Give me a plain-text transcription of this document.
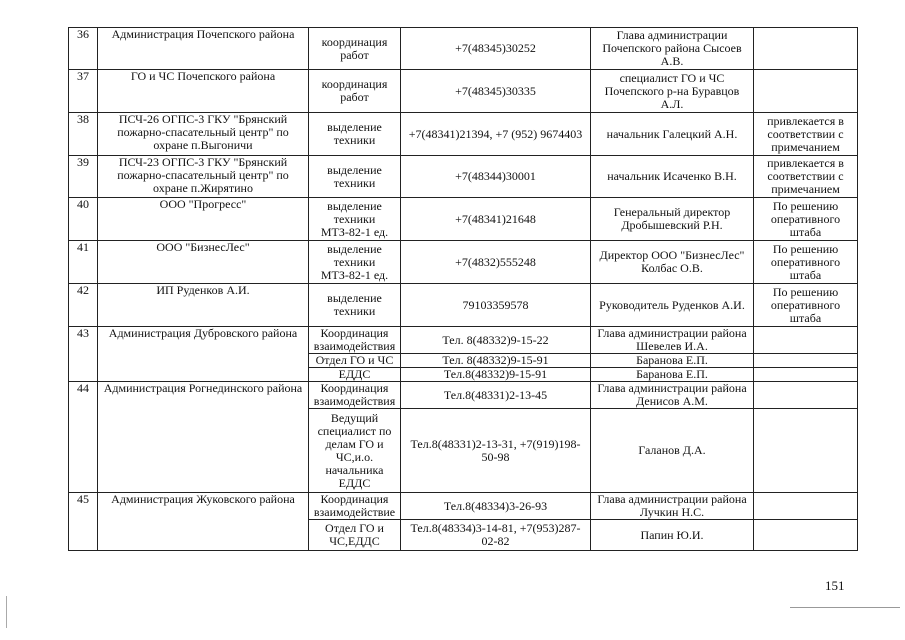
36	Администрация Почепского района	координация работ	+7(48345)30252	Глава администрации Почепского района Сысоев А.В.	
37	ГО и ЧС Почепского района	координация работ	+7(48345)30335	специалист ГО и ЧС Почепского р-на Буравцов А.Л.	
38	ПСЧ-26 ОГПС-3 ГКУ "Брянский пожарно-спасательный центр" по охране п.Выгоничи	выделение техники	+7(48341)21394, +7 (952) 9674403	начальник Галецкий А.Н.	привлекается в соответствии с примечанием
39	ПСЧ-23 ОГПС-3 ГКУ "Брянский пожарно-спасательный центр" по охране п.Жирятино	выделение техники	+7(48344)30001	начальник Исаченко В.Н.	привлекается в соответствии с примечанием
40	ООО "Прогресс"	выделение техники МТЗ-82-1 ед.	+7(48341)21648	Генеральный директор Дробышевский Р.Н.	По решению оперативного штаба
41	ООО "БизнесЛес"	выделение техники МТЗ-82-1 ед.	+7(4832)555248	Директор ООО "БизнесЛес" Колбас О.В.	По решению оперативного штаба
42	ИП Руденков А.И.	выделение техники	79103359578	Руководитель Руденков А.И.	По решению оперативного штаба
43	Администрация Дубровского района	Координация взаимодействия	Тел. 8(48332)9-15-22	Глава администрации района Шевелев И.А.	
		Отдел ГО и ЧС	Тел. 8(48332)9-15-91	Баранова Е.П.	
		ЕДДС	Тел.8(48332)9-15-91	Баранова Е.П.	
44	Администрация Рогнединского района	Координация взаимодействия	Тел.8(48331)2-13-45	Глава администрации района Денисов А.М.	
		Ведущий специалист по делам ГО и ЧС,и.о. начальника ЕДДС	Тел.8(48331)2-13-31, +7(919)198-50-98	Галанов Д.А.	
45	Администрация Жуковского района	Координация взаимодействие	Тел.8(48334)3-26-93	Глава администрации района Лучкин Н.С.	
		Отдел ГО и ЧС,ЕДДС	Тел.8(48334)3-14-81, +7(953)287-02-82	Папин Ю.И.	
151
